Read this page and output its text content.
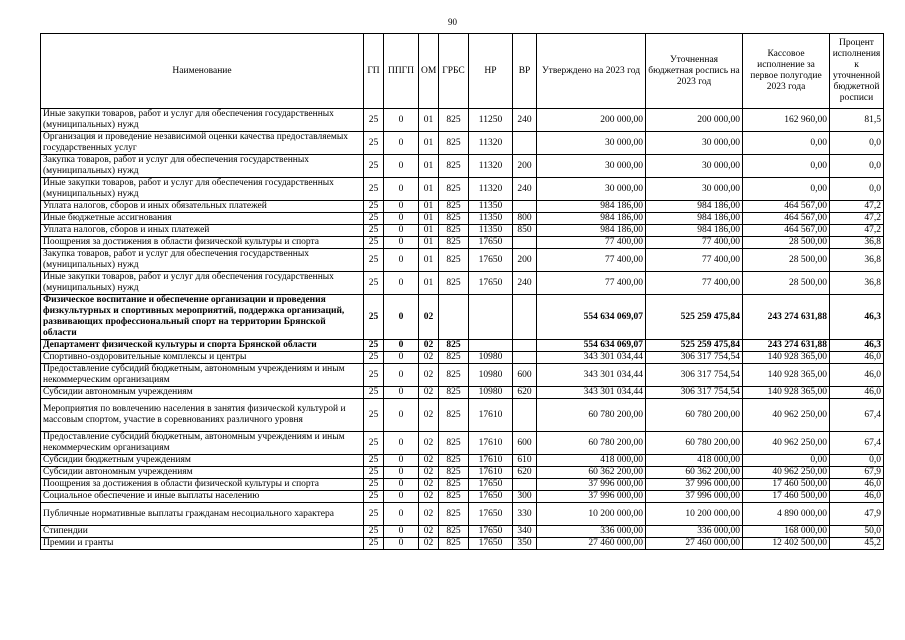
90
Наименование	ГП	ППГП	ОМ	ГРБС	НР	ВР	Утверждено на 2023 год	Уточненная бюджетная роспись на 2023 год	Кассовое исполнение за первое полугодие 2023 года	Процент исполнения к уточненной бюджетной росписи
Иные закупки товаров, работ и услуг для обеспечения государственных (муниципальных) нужд	25	0	01	825	11250	240	200 000,00	200 000,00	162 960,00	81,5
Организация и проведение независимой оценки качества предоставляемых государственных услуг	25	0	01	825	11320		30 000,00	30 000,00	0,00	0,0
Закупка товаров, работ и услуг для обеспечения государственных (муниципальных) нужд	25	0	01	825	11320	200	30 000,00	30 000,00	0,00	0,0
Иные закупки товаров, работ и услуг для обеспечения государственных (муниципальных) нужд	25	0	01	825	11320	240	30 000,00	30 000,00	0,00	0,0
Уплата налогов, сборов и иных обязательных платежей	25	0	01	825	11350		984 186,00	984 186,00	464 567,00	47,2
Иные бюджетные ассигнования	25	0	01	825	11350	800	984 186,00	984 186,00	464 567,00	47,2
Уплата налогов, сборов и иных платежей	25	0	01	825	11350	850	984 186,00	984 186,00	464 567,00	47,2
Поощрения за достижения в области физической культуры и спорта	25	0	01	825	17650		77 400,00	77 400,00	28 500,00	36,8
Закупка товаров, работ и услуг для обеспечения государственных (муниципальных) нужд	25	0	01	825	17650	200	77 400,00	77 400,00	28 500,00	36,8
Иные закупки товаров, работ и услуг для обеспечения государственных (муниципальных) нужд	25	0	01	825	17650	240	77 400,00	77 400,00	28 500,00	36,8
Физическое воспитание и обеспечение организации и проведения физкультурных и спортивных мероприятий, поддержка организаций, развивающих профессиональный спорт на территории Брянской области	25	0	02				554 634 069,07	525 259 475,84	243 274 631,88	46,3
Департамент физической культуры и спорта Брянской области	25	0	02	825			554 634 069,07	525 259 475,84	243 274 631,88	46,3
Спортивно-оздоровительные комплексы и центры	25	0	02	825	10980		343 301 034,44	306 317 754,54	140 928 365,00	46,0
Предоставление субсидий бюджетным, автономным учреждениям и иным некоммерческим организациям	25	0	02	825	10980	600	343 301 034,44	306 317 754,54	140 928 365,00	46,0
Субсидии автономным учреждениям	25	0	02	825	10980	620	343 301 034,44	306 317 754,54	140 928 365,00	46,0
Мероприятия по вовлечению населения в занятия физической культурой и массовым спортом, участие в соревнованиях различного уровня	25	0	02	825	17610		60 780 200,00	60 780 200,00	40 962 250,00	67,4
Предоставление субсидий бюджетным, автономным учреждениям и иным некоммерческим организациям	25	0	02	825	17610	600	60 780 200,00	60 780 200,00	40 962 250,00	67,4
Субсидии бюджетным учреждениям	25	0	02	825	17610	610	418 000,00	418 000,00	0,00	0,0
Субсидии автономным учреждениям	25	0	02	825	17610	620	60 362 200,00	60 362 200,00	40 962 250,00	67,9
Поощрения за достижения в области физической культуры и спорта	25	0	02	825	17650		37 996 000,00	37 996 000,00	17 460 500,00	46,0
Социальное обеспечение и иные выплаты населению	25	0	02	825	17650	300	37 996 000,00	37 996 000,00	17 460 500,00	46,0
Публичные нормативные выплаты гражданам несоциального характера	25	0	02	825	17650	330	10 200 000,00	10 200 000,00	4 890 000,00	47,9
Стипендии	25	0	02	825	17650	340	336 000,00	336 000,00	168 000,00	50,0
Премии и гранты	25	0	02	825	17650	350	27 460 000,00	27 460 000,00	12 402 500,00	45,2
